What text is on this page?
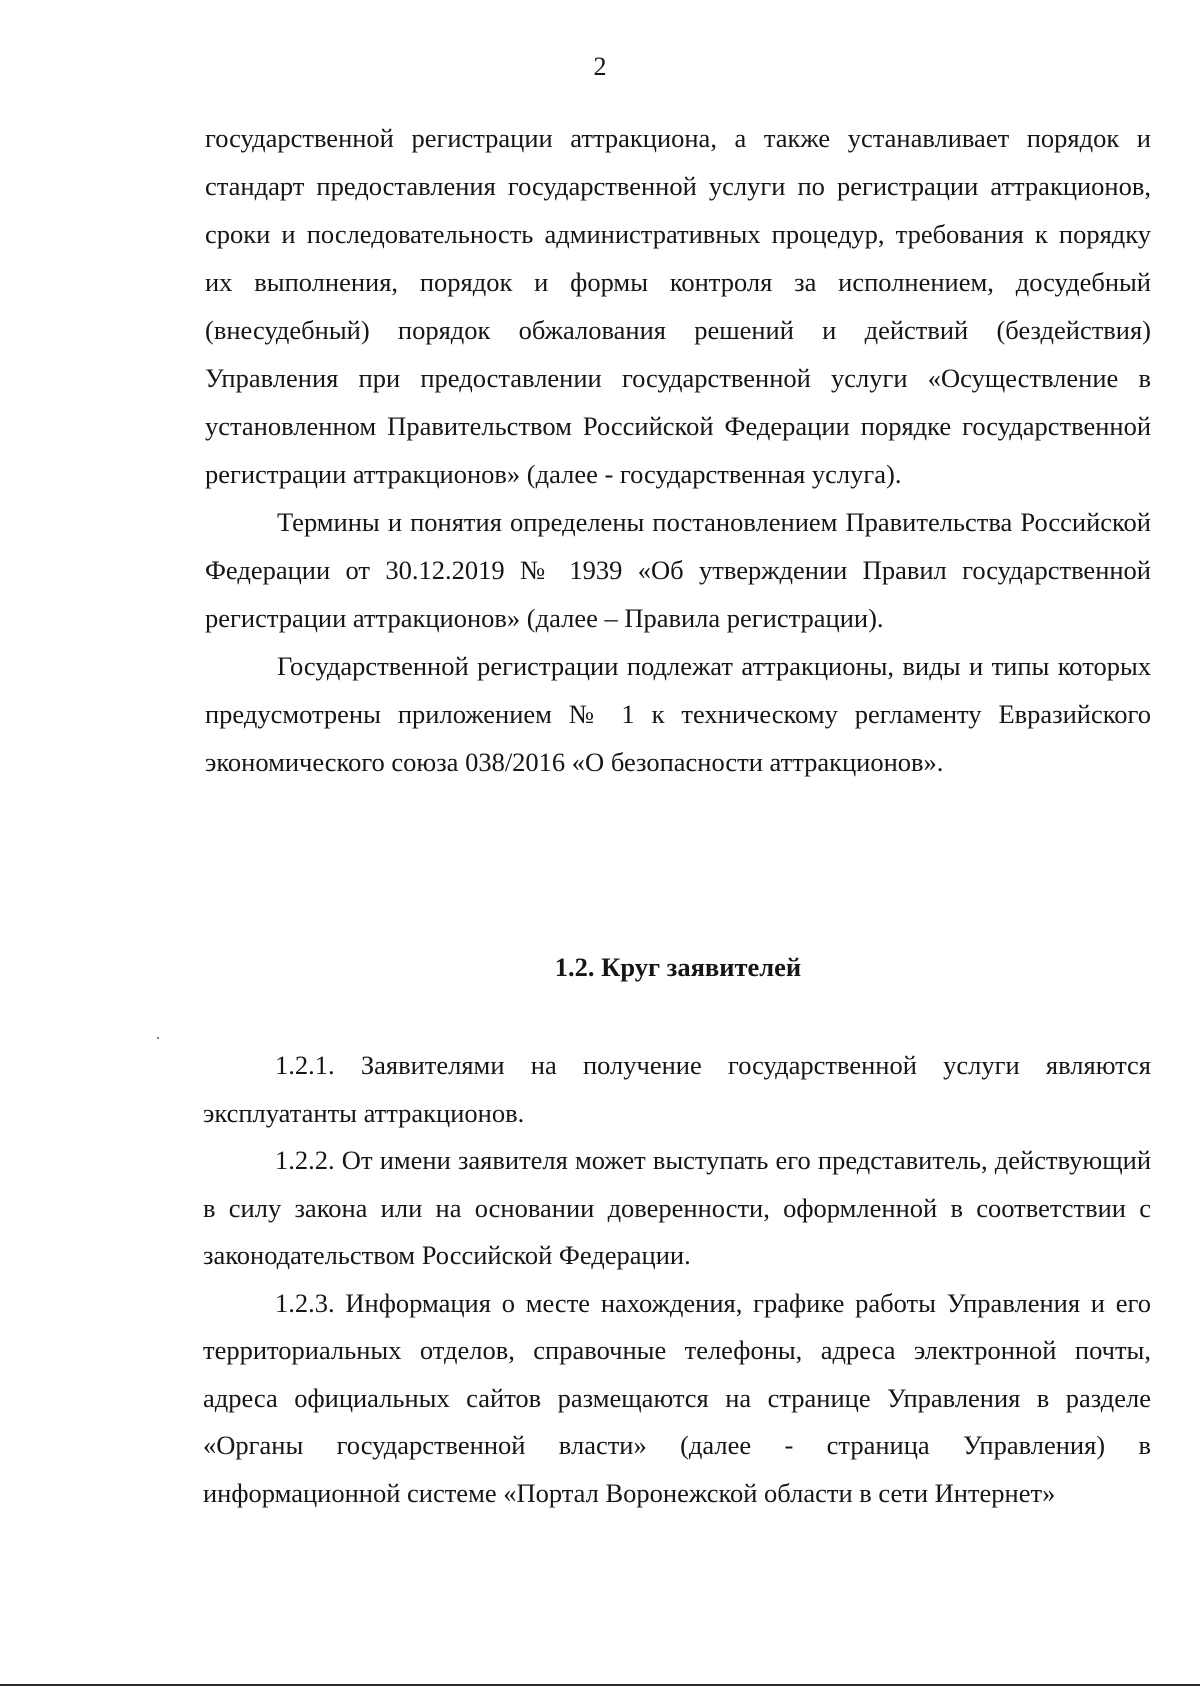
2

государственной регистрации аттракциона, а также устанавливает порядок и стандарт предоставления государственной услуги по регистрации аттракционов, сроки и последовательность административных процедур, требования к порядку их выполнения, порядок и формы контроля за исполнением, досудебный (внесудебный) порядок обжалования решений и действий (бездействия) Управления при предоставлении государственной услуги «Осуществление в установленном Правительством Российской Федерации порядке государственной регистрации аттракционов» (далее - государственная услуга).

Термины и понятия определены постановлением Правительства Российской Федерации от 30.12.2019 № 1939 «Об утверждении Правил государственной регистрации аттракционов» (далее – Правила регистрации).

Государственной регистрации подлежат аттракционы, виды и типы которых предусмотрены приложением № 1 к техническому регламенту Евразийского экономического союза 038/2016 «О безопасности аттракционов».

1.2. Круг заявителей

1.2.1. Заявителями на получение государственной услуги являются эксплуатанты аттракционов.

1.2.2. От имени заявителя может выступать его представитель, действующий в силу закона или на основании доверенности, оформленной в соответствии с законодательством Российской Федерации.

1.2.3. Информация о месте нахождения, графике работы Управления и его территориальных отделов, справочные телефоны, адреса электронной почты, адреса официальных сайтов размещаются на странице Управления в разделе «Органы государственной власти» (далее - страница Управления) в информационной системе «Портал Воронежской области в сети Интернет»
